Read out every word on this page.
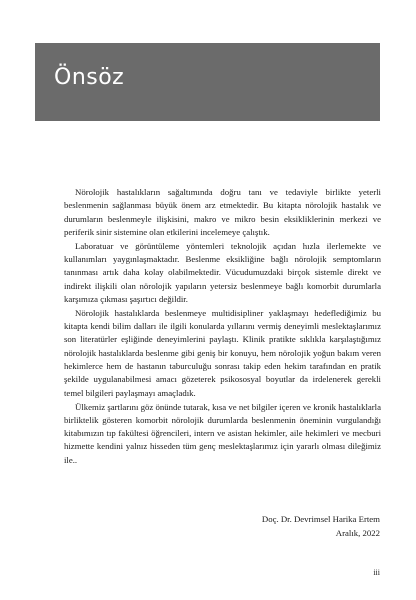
Önsöz

Nörolojik hastalıkların sağaltımında doğru tanı ve tedaviyle birlikte yeterli beslenmenin sağlanması büyük önem arz etmektedir. Bu kitapta nörolojik hastalık ve durumların beslenmeyle ilişkisini, makro ve mikro besin eksikliklerinin merkezi ve periferik sinir sistemine olan etkilerini incelemeye çalıştık.

Laboratuar ve görüntüleme yöntemleri teknolojik açıdan hızla ilerlemekte ve kullanımları yaygınlaşmaktadır. Beslenme eksikliğine bağlı nörolojik semptomların tanınması artık daha kolay olabilmektedir. Vücudumuzdaki birçok sistemle direkt ve indirekt ilişkili olan nörolojik yapıların yetersiz beslenmeye bağlı komorbit durumlarla karşımıza çıkması şaşırtıcı değildir.

Nörolojik hastalıklarda beslenmeye multidisipliner yaklaşmayı hedeflediğimiz bu kitapta kendi bilim dalları ile ilgili konularda yıllarını vermiş deneyimli meslektaşlarımız son literatürler eşliğinde deneyimlerini paylaştı. Klinik pratikte sıklıkla karşılaştığımız nörolojik hastalıklarda beslenme gibi geniş bir konuyu, hem nörolojik yoğun bakım veren hekimlerce hem de hastanın taburculuğu sonrası takip eden hekim tarafından en pratik şekilde uygulanabilmesi amacı gözeterek psikososyal boyutlar da irdelenerek gerekli temel bilgileri paylaşmayı amaçladık.

Ülkemiz şartlarını göz önünde tutarak, kısa ve net bilgiler içeren ve kronik hastalıklarla birliktelik gösteren komorbit nörolojik durumlarda beslenmenin öneminin vurgulandığı kitabımızın tıp fakültesi öğrencileri, intern ve asistan hekimler, aile hekimleri ve mecburi hizmette kendini yalnız hisseden tüm genç meslektaşlarımız için yararlı olması dileğimiz ile..

Doç. Dr. Devrimsel Harika Ertem
Aralık, 2022
iii
